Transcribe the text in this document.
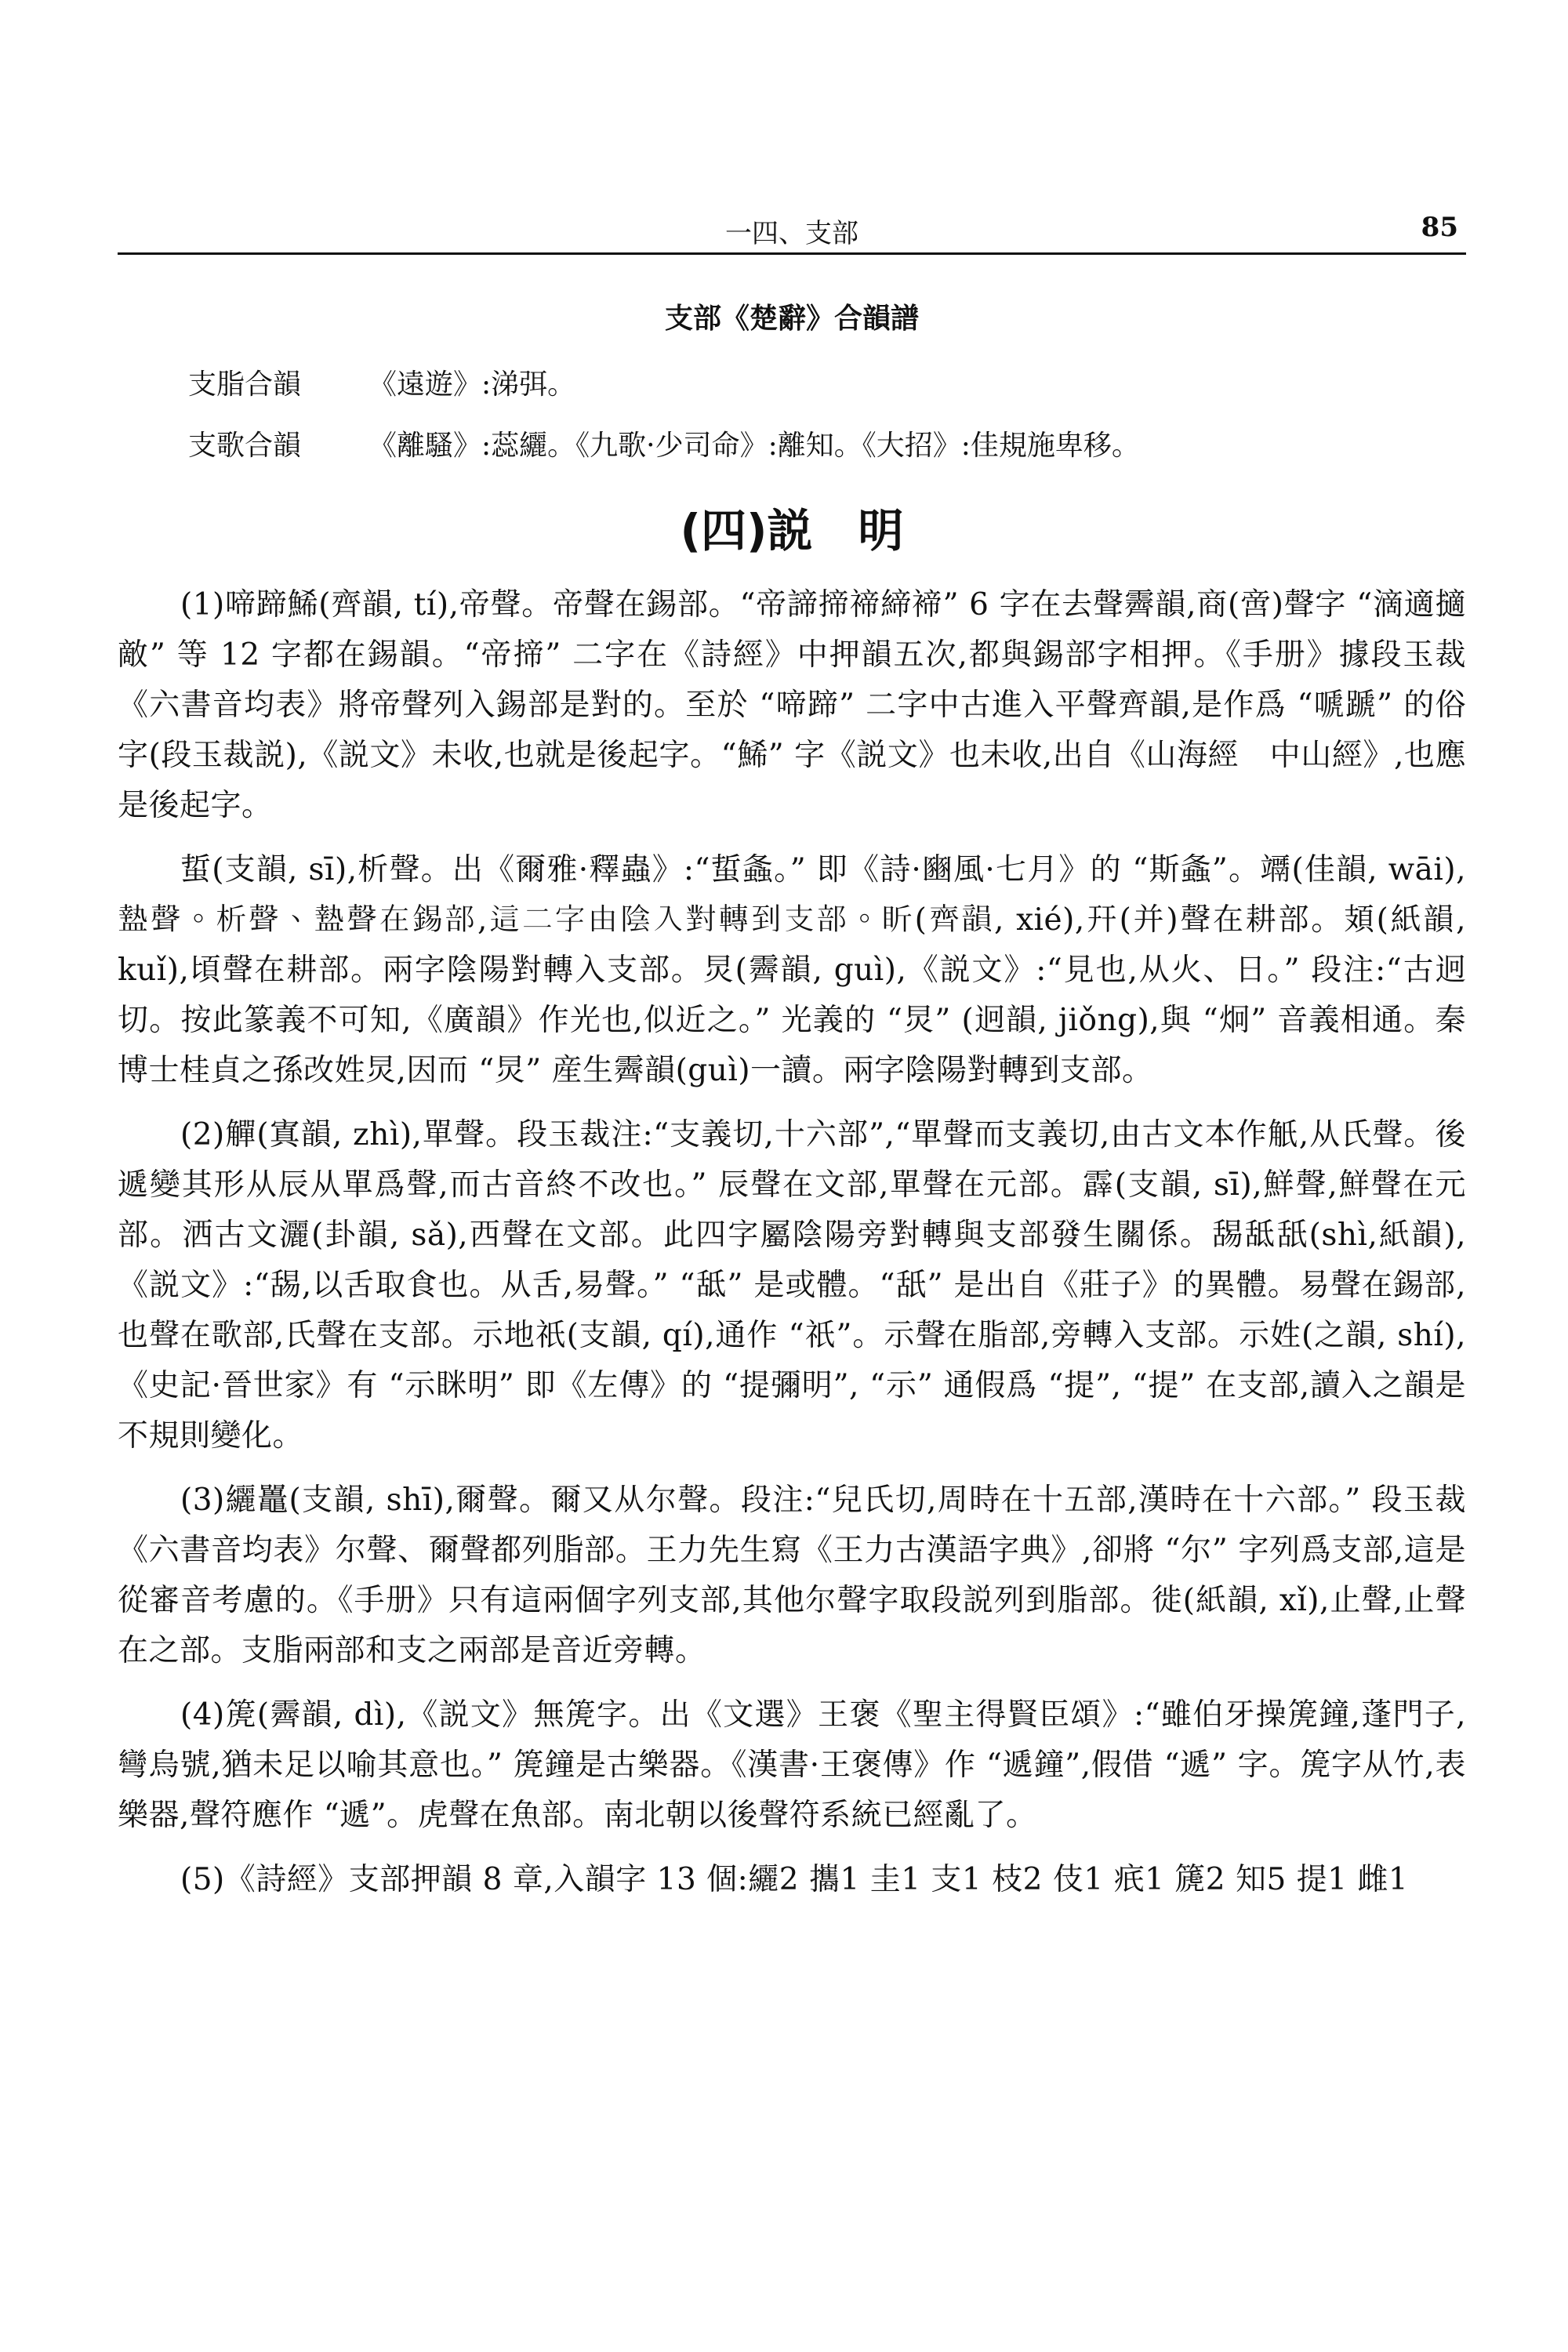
一四、支部	85
支部《楚辭》合韻譜
支脂合韻 《遠遊》:涕弭。
支歌合韻 《離騷》:蕊纚。《九歌·少司命》:離知。《大招》:佳規施卑移。
(四)説　明

(1)啼蹄鯑(齊韻, tí),帝聲。帝聲在錫部。“帝諦揥禘締褅” 6 字在去聲霽韻,商(啻)聲字 “滴適擿敵” 等 12 字都在錫韻。“帝揥” 二字在《詩經》中押韻五次,都與錫部字相押。《手册》據段玉裁《六書音均表》將帝聲列入錫部是對的。至於 “啼蹄” 二字中古進入平聲齊韻,是作爲 “嗁蹏” 的俗字(段玉裁説),《説文》未收,也就是後起字。“鯑” 字《説文》也未收,出自《山海經　中山經》,也應是後起字。

蜇(支韻, sī),析聲。出《爾雅·釋蟲》:“蜇螽。” 即《詩·豳風·七月》的 “斯螽”。竵(佳韻, wāi),𥂕聲。析聲、𥂕聲在錫部,這二字由陰入對轉到支部。盺(齊韻, xié),幵(并)聲在耕部。頍(紙韻, kuǐ),頃聲在耕部。兩字陰陽對轉入支部。炅(霽韻, guì),《説文》:“見也,从火、日。” 段注:“古迥切。按此篆義不可知,《廣韻》作光也,似近之。” 光義的 “炅” (迥韻, jiǒng),與 “炯” 音義相通。秦博士桂貞之孫改姓炅,因而 “炅” 産生霽韻(guì)一讀。兩字陰陽對轉到支部。

(2)觶(寘韻, zhì),單聲。段玉裁注:“支義切,十六部”,“單聲而支義切,由古文本作觗,从氏聲。後遞變其形从辰从單爲聲,而古音終不改也。” 辰聲在文部,單聲在元部。霹(支韻, sī),鮮聲,鮮聲在元部。洒古文灑(卦韻, sǎ),西聲在文部。此四字屬陰陽旁對轉與支部發生關係。舓䑛舐(shì,紙韻),《説文》:“舓,以舌取食也。从舌,易聲。” “䑛” 是或體。“舐” 是出自《莊子》的異體。易聲在錫部,也聲在歌部,氏聲在支部。示地祇(支韻, qí),通作 “祇”。示聲在脂部,旁轉入支部。示姓(之韻, shí),《史記·晉世家》有 “示眯明” 即《左傳》的 “提彌明”, “示” 通假爲 “提”, “提” 在支部,讀入之韻是不規則變化。

(3)纚鼉(支韻, shī),爾聲。爾又从尔聲。段注:“兒氏切,周時在十五部,漢時在十六部。” 段玉裁《六書音均表》尔聲、爾聲都列脂部。王力先生寫《王力古漢語字典》,卻將 “尔” 字列爲支部,這是從審音考慮的。《手册》只有這兩個字列支部,其他尔聲字取段説列到脂部。徙(紙韻, xǐ),止聲,止聲在之部。支脂兩部和支之兩部是音近旁轉。

(4)箎(霽韻, dì),《説文》無箎字。出《文選》王褒《聖主得賢臣頌》:“雖伯牙操箎鐘,蓬門子,彎烏號,猶未足以喻其意也。” 箎鐘是古樂器。《漢書·王褒傳》作 “遞鐘”,假借 “遞” 字。箎字从竹,表樂器,聲符應作 “遞”。虎聲在魚部。南北朝以後聲符系統已經亂了。

(5)《詩經》支部押韻 8 章,入韻字 13 個:纚2 攜1 圭1 支1 枝2 伎1 疧1 篪2 知5 提1 雌1
